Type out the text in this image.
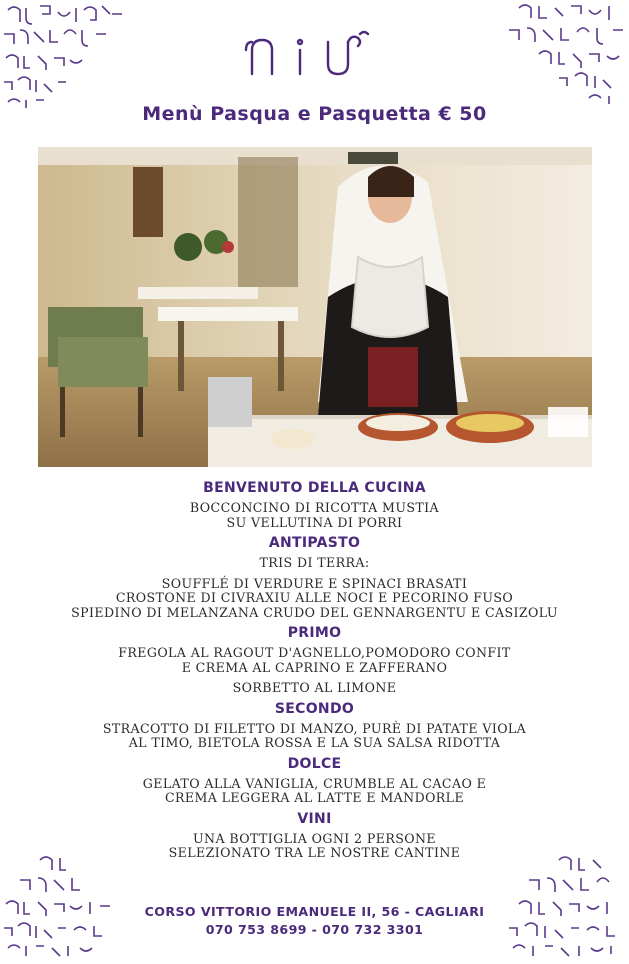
Menù Pasqua e Pasquetta € 50

BENVENUTO DELLA CUCINA

BOCCONCINO DI RICOTTA MUSTIA

SU VELLUTINA DI PORRI

ANTIPASTO

TRIS DI TERRA:

SOUFFLÉ DI VERDURE E SPINACI BRASATI

CROSTONE DI CIVRAXIU ALLE NOCI E PECORINO FUSO

SPIEDINO DI MELANZANA CRUDO DEL GENNARGENTU E CASIZOLU

PRIMO

FREGOLA AL RAGOUT D'AGNELLO,POMODORO CONFIT

E CREMA AL CAPRINO E ZAFFERANO

SORBETTO AL LIMONE

SECONDO

STRACOTTO DI FILETTO DI MANZO, PURÈ DI PATATE VIOLA

AL TIMO, BIETOLA ROSSA E LA SUA SALSA RIDOTTA

DOLCE

GELATO ALLA VANIGLIA, CRUMBLE AL CACAO E

CREMA LEGGERA AL LATTE E MANDORLE

VINI

UNA BOTTIGLIA OGNI 2 PERSONE

SELEZIONATO TRA LE NOSTRE CANTINE

CORSO VITTORIO EMANUELE II, 56 - CAGLIARI
070 753 8699 - 070 732 3301
